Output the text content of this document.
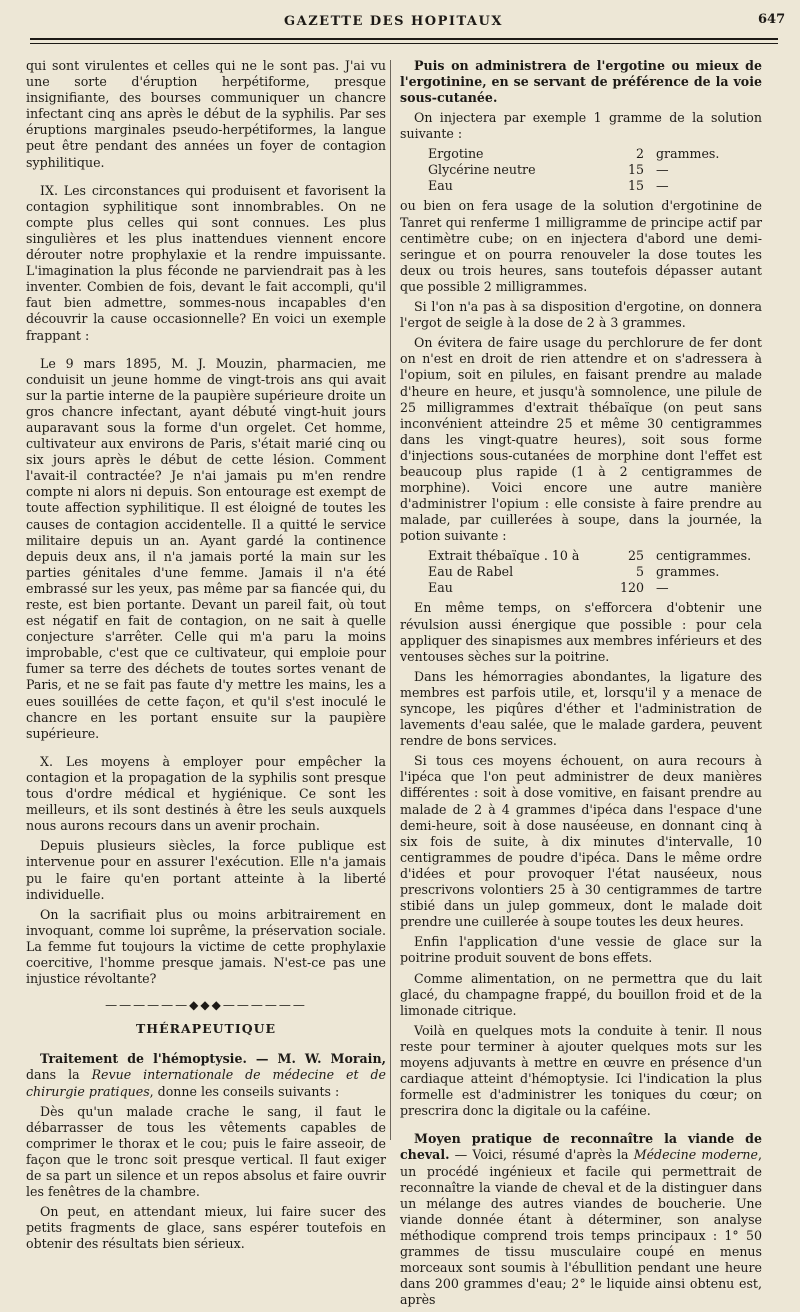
GAZETTE DES HOPITAUX	647

qui sont virulentes et celles qui ne le sont pas. J'ai vu une sorte d'éruption herpétiforme, presque insignifiante, des bourses communiquer un chancre infectant cinq ans après le début de la syphilis. Par ses éruptions marginales pseudo-herpétiformes, la langue peut être pendant des années un foyer de contagion syphilitique.

IX. Les circonstances qui produisent et favorisent la contagion syphilitique sont innombrables. On ne compte plus celles qui sont connues. Les plus singulières et les plus inattendues viennent encore dérouter notre prophylaxie et la rendre impuissante. L'imagination la plus féconde ne parviendrait pas à les inventer. Combien de fois, devant le fait accompli, qu'il faut bien admettre, sommes-nous incapables d'en découvrir la cause occasionnelle? En voici un exemple frappant :

Le 9 mars 1895, M. J. Mouzin, pharmacien, me conduisit un jeune homme de vingt-trois ans qui avait sur la partie interne de la paupière supérieure droite un gros chancre infectant, ayant débuté vingt-huit jours auparavant sous la forme d'un orgelet. Cet homme, cultivateur aux environs de Paris, s'était marié cinq ou six jours après le début de cette lésion. Comment l'avait-il contractée? Je n'ai jamais pu m'en rendre compte ni alors ni depuis. Son entourage est exempt de toute affection syphilitique. Il est éloigné de toutes les causes de contagion accidentelle. Il a quitté le service militaire depuis un an. Ayant gardé la continence depuis deux ans, il n'a jamais porté la main sur les parties génitales d'une femme. Jamais il n'a été embrassé sur les yeux, pas même par sa fiancée qui, du reste, est bien portante. Devant un pareil fait, où tout est négatif en fait de contagion, on ne sait à quelle conjecture s'arrêter. Celle qui m'a paru la moins improbable, c'est que ce cultivateur, qui emploie pour fumer sa terre des déchets de toutes sortes venant de Paris, et ne se fait pas faute d'y mettre les mains, les a eues souillées de cette façon, et qu'il s'est inoculé le chancre en les portant ensuite sur la paupière supérieure.

X. Les moyens à employer pour empêcher la contagion et la propagation de la syphilis sont presque tous d'ordre médical et hygiénique. Ce sont les meilleurs, et ils sont destinés à être les seuls auxquels nous aurons recours dans un avenir prochain.

Depuis plusieurs siècles, la force publique est intervenue pour en assurer l'exécution. Elle n'a jamais pu le faire qu'en portant atteinte à la liberté individuelle.

On la sacrifiait plus ou moins arbitrairement en invoquant, comme loi suprême, la préservation sociale. La femme fut toujours la victime de cette prophylaxie coercitive, l'homme presque jamais. N'est-ce pas une injustice révoltante?

——————◆◆◆——————
THÉRAPEUTIQUE

Traitement de l'hémoptysie. — M. W. Morain, dans la Revue internationale de médecine et de chirurgie pratiques, donne les conseils suivants :

Dès qu'un malade crache le sang, il faut le débarrasser de tous les vêtements capables de comprimer le thorax et le cou; puis le faire asseoir, de façon que le tronc soit presque vertical. Il faut exiger de sa part un silence et un repos absolus et faire ouvrir les fenêtres de la chambre.

On peut, en attendant mieux, lui faire sucer des petits fragments de glace, sans espérer toutefois en obtenir des résultats bien sérieux.

Puis on administrera de l'ergotine ou mieux de l'ergotinine, en se servant de préférence de la voie sous-cutanée.

On injectera par exemple 1 gramme de la solution suivante :

Ergotine	2	grammes.
Glycérine neutre	15	—
Eau	15	—

ou bien on fera usage de la solution d'ergotinine de Tanret qui renferme 1 milligramme de principe actif par centimètre cube; on en injectera d'abord une demi-seringue et on pourra renouveler la dose toutes les deux ou trois heures, sans toutefois dépasser autant que possible 2 milligrammes.

Si l'on n'a pas à sa disposition d'ergotine, on donnera l'ergot de seigle à la dose de 2 à 3 grammes.

On évitera de faire usage du perchlorure de fer dont on n'est en droit de rien attendre et on s'adressera à l'opium, soit en pilules, en faisant prendre au malade d'heure en heure, et jusqu'à somnolence, une pilule de 25 milligrammes d'extrait thébaïque (on peut sans inconvénient atteindre 25 et même 30 centigrammes dans les vingt-quatre heures), soit sous forme d'injections sous-cutanées de morphine dont l'effet est beaucoup plus rapide (1 à 2 centigrammes de morphine). Voici encore une autre manière d'administrer l'opium : elle consiste à faire prendre au malade, par cuillerées à soupe, dans la journée, la potion suivante :

Extrait thébaïque . 10 à	25	centigrammes.
Eau de Rabel	5	grammes.
Eau	120	—

En même temps, on s'efforcera d'obtenir une révulsion aussi énergique que possible : pour cela appliquer des sinapismes aux membres inférieurs et des ventouses sèches sur la poitrine.

Dans les hémorragies abondantes, la ligature des membres est parfois utile, et, lorsqu'il y a menace de syncope, les piqûres d'éther et l'administration de lavements d'eau salée, que le malade gardera, peuvent rendre de bons services.

Si tous ces moyens échouent, on aura recours à l'ipéca que l'on peut administrer de deux manières différentes : soit à dose vomitive, en faisant prendre au malade de 2 à 4 grammes d'ipéca dans l'espace d'une demi-heure, soit à dose nauséeuse, en donnant cinq à six fois de suite, à dix minutes d'intervalle, 10 centigrammes de poudre d'ipéca. Dans le même ordre d'idées et pour provoquer l'état nauséeux, nous prescrivons volontiers 25 à 30 centigrammes de tartre stibié dans un julep gommeux, dont le malade doit prendre une cuillerée à soupe toutes les deux heures.

Enfin l'application d'une vessie de glace sur la poitrine produit souvent de bons effets.

Comme alimentation, on ne permettra que du lait glacé, du champagne frappé, du bouillon froid et de la limonade citrique.

Voilà en quelques mots la conduite à tenir. Il nous reste pour terminer à ajouter quelques mots sur les moyens adjuvants à mettre en œuvre en présence d'un cardiaque atteint d'hémoptysie. Ici l'indication la plus formelle est d'administrer les toniques du cœur; on prescrira donc la digitale ou la caféine.

Moyen pratique de reconnaître la viande de cheval. — Voici, résumé d'après la Médecine moderne, un procédé ingénieux et facile qui permettrait de reconnaître la viande de cheval et de la distinguer dans un mélange des autres viandes de boucherie. Une viande donnée étant à déterminer, son analyse méthodique comprend trois temps principaux : 1° 50 grammes de tissu musculaire coupé en menus morceaux sont soumis à l'ébullition pendant une heure dans 200 grammes d'eau; 2° le liquide ainsi obtenu est, après
